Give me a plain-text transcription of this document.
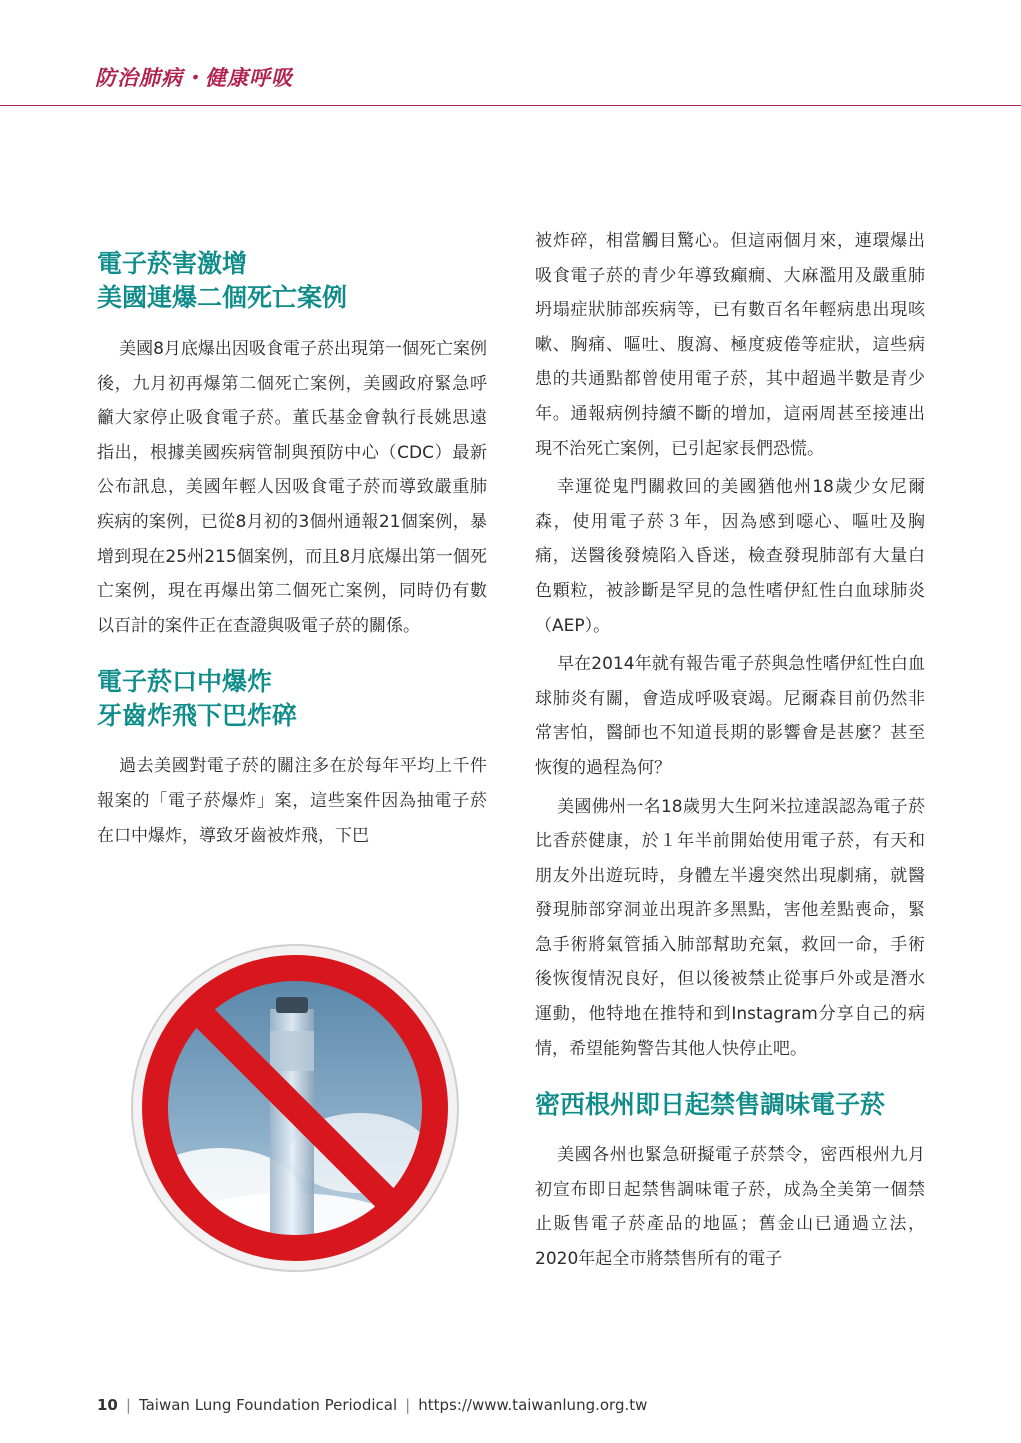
防治肺病・健康呼吸
電子菸害激增
美國連爆二個死亡案例

美國8月底爆出因吸食電子菸出現第一個死亡案例後，九月初再爆第二個死亡案例，美國政府緊急呼籲大家停止吸食電子菸。董氏基金會執行長姚思遠指出，根據美國疾病管制與預防中心（CDC）最新公布訊息，美國年輕人因吸食電子菸而導致嚴重肺疾病的案例，已從8月初的3個州通報21個案例，暴增到現在25州215個案例，而且8月底爆出第一個死亡案例，現在再爆出第二個死亡案例，同時仍有數以百計的案件正在查證與吸電子菸的關係。

電子菸口中爆炸
牙齒炸飛下巴炸碎

過去美國對電子菸的關注多在於每年平均上千件報案的「電子菸爆炸」案，這些案件因為抽電子菸在口中爆炸，導致牙齒被炸飛，下巴

被炸碎，相當觸目驚心。但這兩個月來，連環爆出吸食電子菸的青少年導致癲癇、大麻濫用及嚴重肺坍塌症狀肺部疾病等，已有數百名年輕病患出現咳嗽、胸痛、嘔吐、腹瀉、極度疲倦等症狀，這些病患的共通點都曾使用電子菸，其中超過半數是青少年。通報病例持續不斷的增加，這兩周甚至接連出現不治死亡案例，已引起家長們恐慌。

幸運從鬼門關救回的美國猶他州18歲少女尼爾森，使用電子菸３年，因為感到噁心、嘔吐及胸痛，送醫後發燒陷入昏迷，檢查發現肺部有大量白色顆粒，被診斷是罕見的急性嗜伊紅性白血球肺炎（AEP）。

早在2014年就有報告電子菸與急性嗜伊紅性白血球肺炎有關，會造成呼吸衰竭。尼爾森目前仍然非常害怕，醫師也不知道長期的影響會是甚麼？甚至恢復的過程為何？

美國佛州一名18歲男大生阿米拉達誤認為電子菸比香菸健康，於１年半前開始使用電子菸，有天和朋友外出遊玩時，身體左半邊突然出現劇痛，就醫發現肺部穿洞並出現許多黑點，害他差點喪命，緊急手術將氣管插入肺部幫助充氣，救回一命，手術後恢復情況良好，但以後被禁止從事戶外或是潛水運動，他特地在推特和到Instagram分享自己的病情，希望能夠警告其他人快停止吧。

密西根州即日起禁售調味電子菸

美國各州也緊急研擬電子菸禁令，密西根州九月初宣布即日起禁售調味電子菸，成為全美第一個禁止販售電子菸產品的地區；舊金山已通過立法，2020年起全市將禁售所有的電子

10 | Taiwan Lung Foundation Periodical | https://www.taiwanlung.org.tw
